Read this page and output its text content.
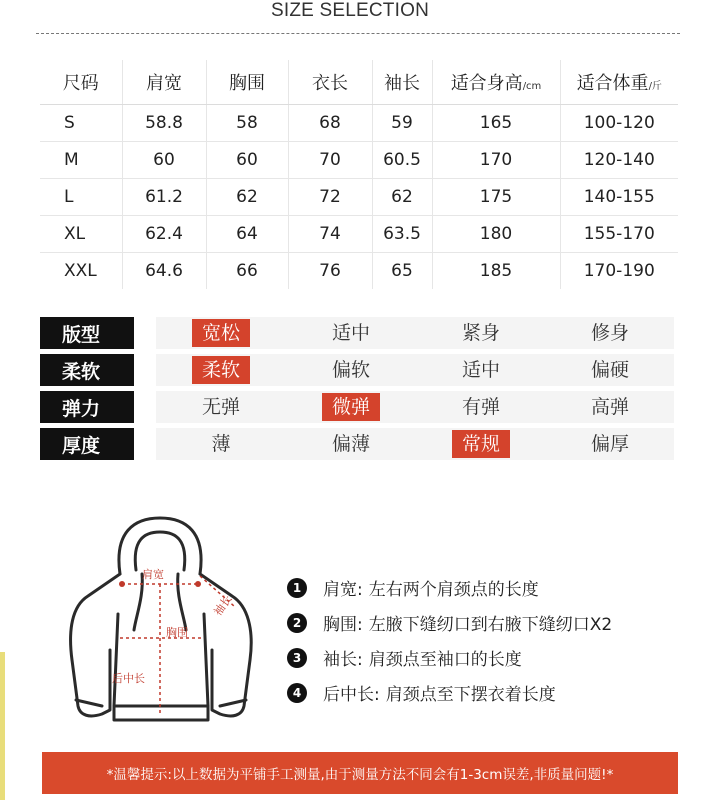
SIZE SELECTION
尺码	肩宽	胸围	衣长	袖长	适合身高/cm	适合体重/斤
S	58.8	58	68	59	165	100-120
M	60	60	70	60.5	170	120-140
L	61.2	62	72	62	175	140-155
XL	62.4	64	74	63.5	180	155-170
XXL	64.6	66	76	65	185	170-190
版型		宽松	适中	紧身	修身
柔软		柔软	偏软	适中	偏硬
弹力		无弹	微弹	有弹	高弹
厚度		薄	偏薄	常规	偏厚
肩宽
袖长
胸围
后中长
1	肩宽: 左右两个肩颈点的长度
2	胸围: 左腋下缝纫口到右腋下缝纫口X2
3	袖长: 肩颈点至袖口的长度
4	后中长: 肩颈点至下摆衣着长度
*温馨提示:以上数据为平铺手工测量,由于测量方法不同会有1-3cm误差,非质量问题!*
